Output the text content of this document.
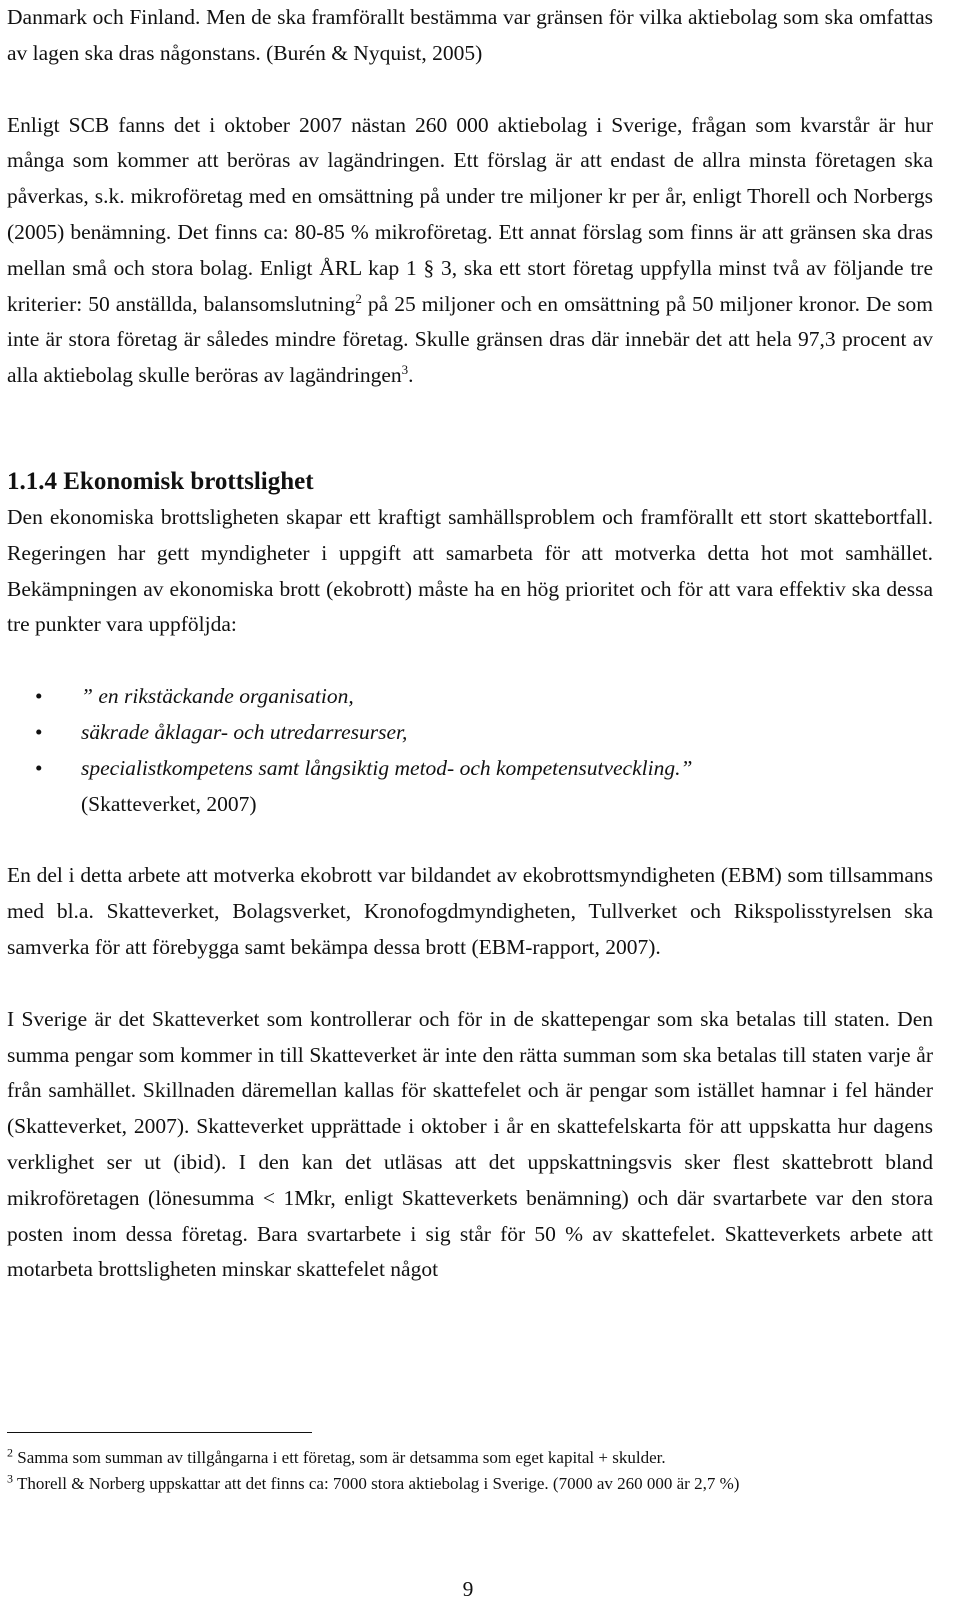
Danmark och Finland. Men de ska framförallt bestämma var gränsen för vilka aktiebolag som ska omfattas av lagen ska dras någonstans. (Burén & Nyquist, 2005)

Enligt SCB fanns det i oktober 2007 nästan 260 000 aktiebolag i Sverige, frågan som kvarstår är hur många som kommer att beröras av lagändringen. Ett förslag är att endast de allra minsta företagen ska påverkas, s.k. mikroföretag med en omsättning på under tre miljoner kr per år, enligt Thorell och Norbergs (2005) benämning. Det finns ca: 80-85 % mikroföretag. Ett annat förslag som finns är att gränsen ska dras mellan små och stora bolag. Enligt ÅRL kap 1 § 3, ska ett stort företag uppfylla minst två av följande tre kriterier: 50 anställda, balansomslutning$^2$ på 25 miljoner och en omsättning på 50 miljoner kronor. De som inte är stora företag är således mindre företag. Skulle gränsen dras där innebär det att hela 97,3 procent av alla aktiebolag skulle beröras av lagändringen$^3$.

1.1.4 Ekonomisk brottslighet

Den ekonomiska brottsligheten skapar ett kraftigt samhällsproblem och framförallt ett stort skattebortfall. Regeringen har gett myndigheter i uppgift att samarbeta för att motverka detta hot mot samhället. Bekämpningen av ekonomiska brott (ekobrott) måste ha en hög prioritet och för att vara effektiv ska dessa tre punkter vara uppföljda:

• ” en rikstäckande organisation,
• säkrade åklagar- och utredarresurser,
• specialistkompetens samt långsiktig metod- och kompetensutveckling.”
(Skatteverket, 2007)

En del i detta arbete att motverka ekobrott var bildandet av ekobrottsmyndigheten (EBM) som tillsammans med bl.a. Skatteverket, Bolagsverket, Kronofogdmyndigheten, Tullverket och Rikspolisstyrelsen ska samverka för att förebygga samt bekämpa dessa brott (EBM-rapport, 2007).

I Sverige är det Skatteverket som kontrollerar och för in de skattepengar som ska betalas till staten. Den summa pengar som kommer in till Skatteverket är inte den rätta summan som ska betalas till staten varje år från samhället. Skillnaden däremellan kallas för skattefelet och är pengar som istället hamnar i fel händer (Skatteverket, 2007). Skatteverket upprättade i oktober i år en skattefelskarta för att uppskatta hur dagens verklighet ser ut (ibid). I den kan det utläsas att det uppskattningsvis sker flest skattebrott bland mikroföretagen (lönesumma < 1Mkr, enligt Skatteverkets benämning) och där svartarbete var den stora posten inom dessa företag. Bara svartarbete i sig står för 50 % av skattefelet. Skatteverkets arbete att motarbeta brottsligheten minskar skattefelet något

$^2$ Samma som summan av tillgångarna i ett företag, som är detsamma som eget kapital + skulder.
$^3$ Thorell & Norberg uppskattar att det finns ca: 7000 stora aktiebolag i Sverige. (7000 av 260 000 är 2,7 %)
9
